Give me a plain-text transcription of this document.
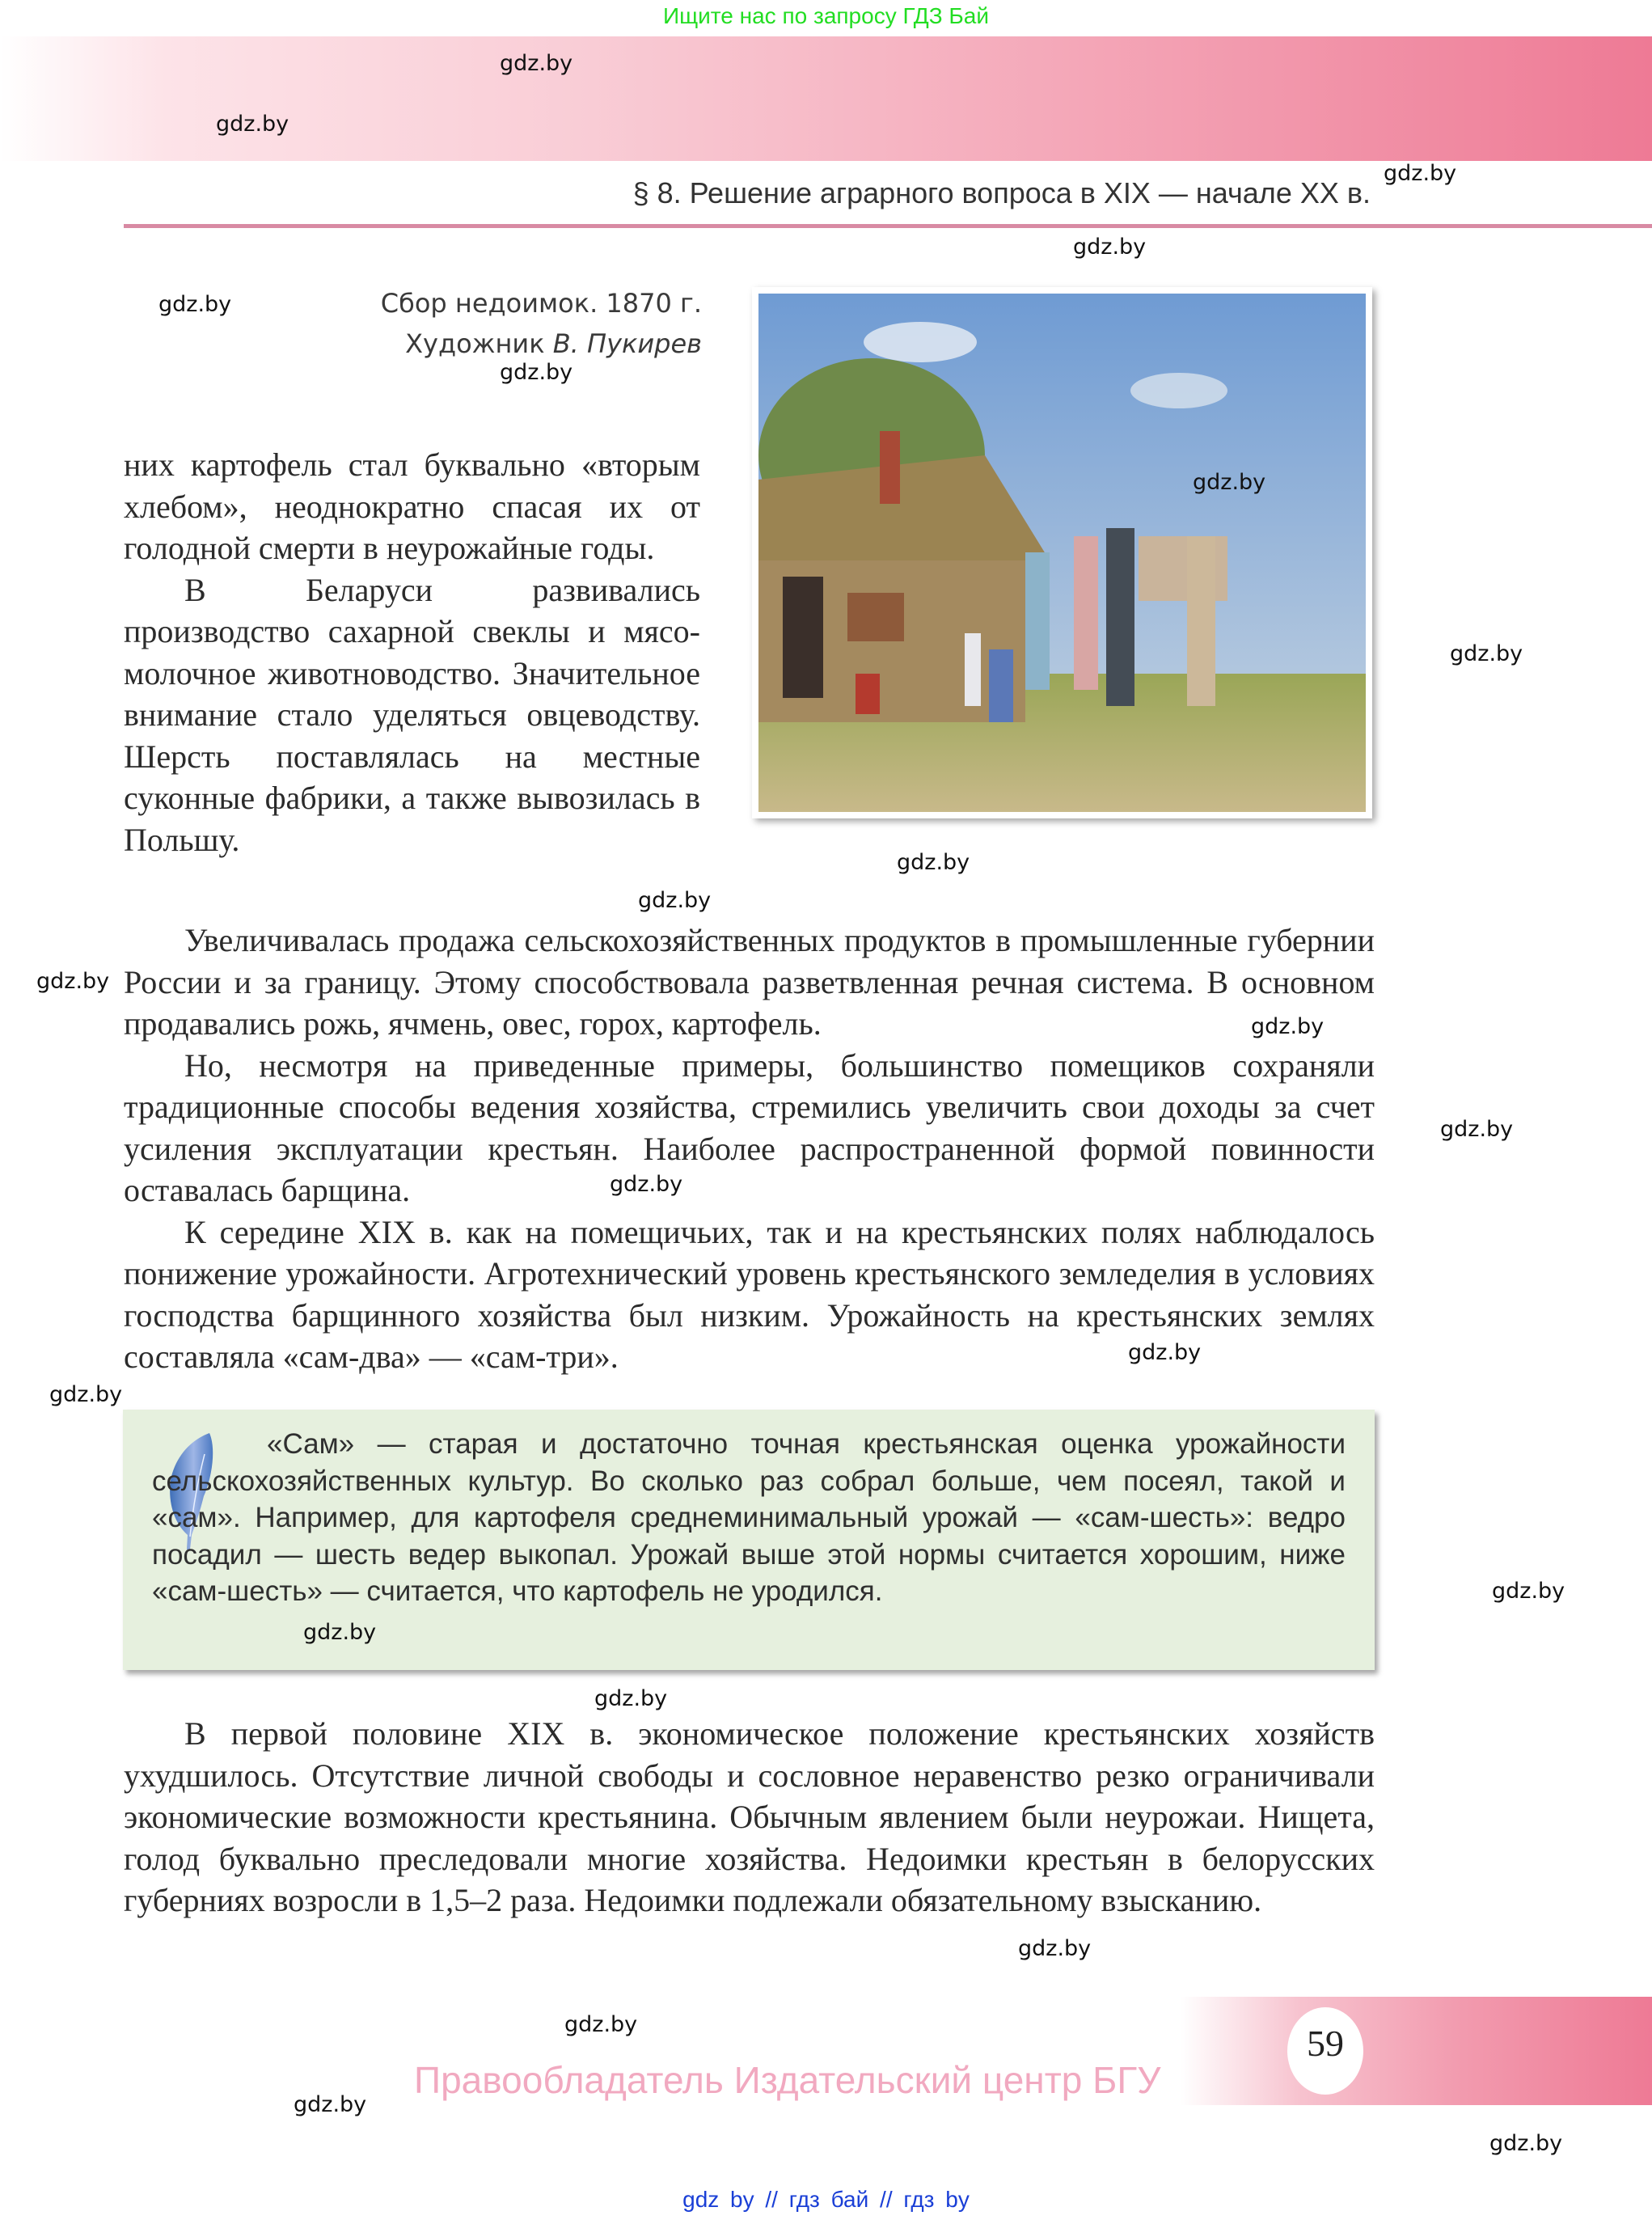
Ищите нас по запросу ГДЗ Бай
§ 8. Решение аграрного вопроса в XIX — начале XX в.
Сбор недоимок. 1870 г.
Художник В. Пукирев

них картофель стал буквально «вторым хлебом», неоднократно спасая их от голодной смерти в неурожайные годы.

В Беларуси развивались производство сахарной свеклы и мясо-молочное животноводство. Значительное внимание стало уделяться овцеводству. Шерсть поставлялась на местные суконные фабрики, а также вывозилась в Польшу.

Увеличивалась продажа сельскохозяйственных продуктов в промышленные губернии России и за границу. Этому способствовала разветвленная речная система. В основном продавались рожь, ячмень, овес, горох, картофель.

Но, несмотря на приведенные примеры, большинство помещиков сохраняли традиционные способы ведения хозяйства, стремились увеличить свои доходы за счет усиления эксплуатации крестьян. Наиболее распространенной формой повинности оставалась барщина.

К середине XIX в. как на помещичьих, так и на крестьянских полях наблюдалось понижение урожайности. Агротехнический уровень крестьянского земледелия в условиях господства барщинного хозяйства был низким. Урожайность на крестьянских землях составляла «сам-два» — «сам-три».

«Сам» — старая и достаточно точная крестьянская оценка урожайности сельскохозяйственных культур. Во сколько раз собрал больше, чем посеял, такой и «сам». Например, для картофеля среднеминимальный урожай — «сам-шесть»: ведро посадил — шесть ведер выкопал. Урожай выше этой нормы считается хорошим, ниже «сам-шесть» — считается, что картофель не уродился.

В первой половине XIX в. экономическое положение крестьянских хозяйств ухудшилось. Отсутствие личной свободы и сословное неравенство резко ограничивали экономические возможности крестьянина. Обычным явлением были неурожаи. Нищета, голод буквально преследовали многие хозяйства. Недоимки крестьян в белорусских губерниях возросли в 1,5–2 раза. Недоимки подлежали обязательному взысканию.

59
Правообладатель Издательский центр БГУ
gdz by // гдз бай // гдз by
gdz.by
gdz.by
gdz.by
gdz.by
gdz.by
gdz.by
gdz.by
gdz.by
gdz.by
gdz.by
gdz.by
gdz.by
gdz.by
gdz.by
gdz.by
gdz.by
gdz.by
gdz.by
gdz.by
gdz.by
gdz.by
gdz.by
gdz.by
